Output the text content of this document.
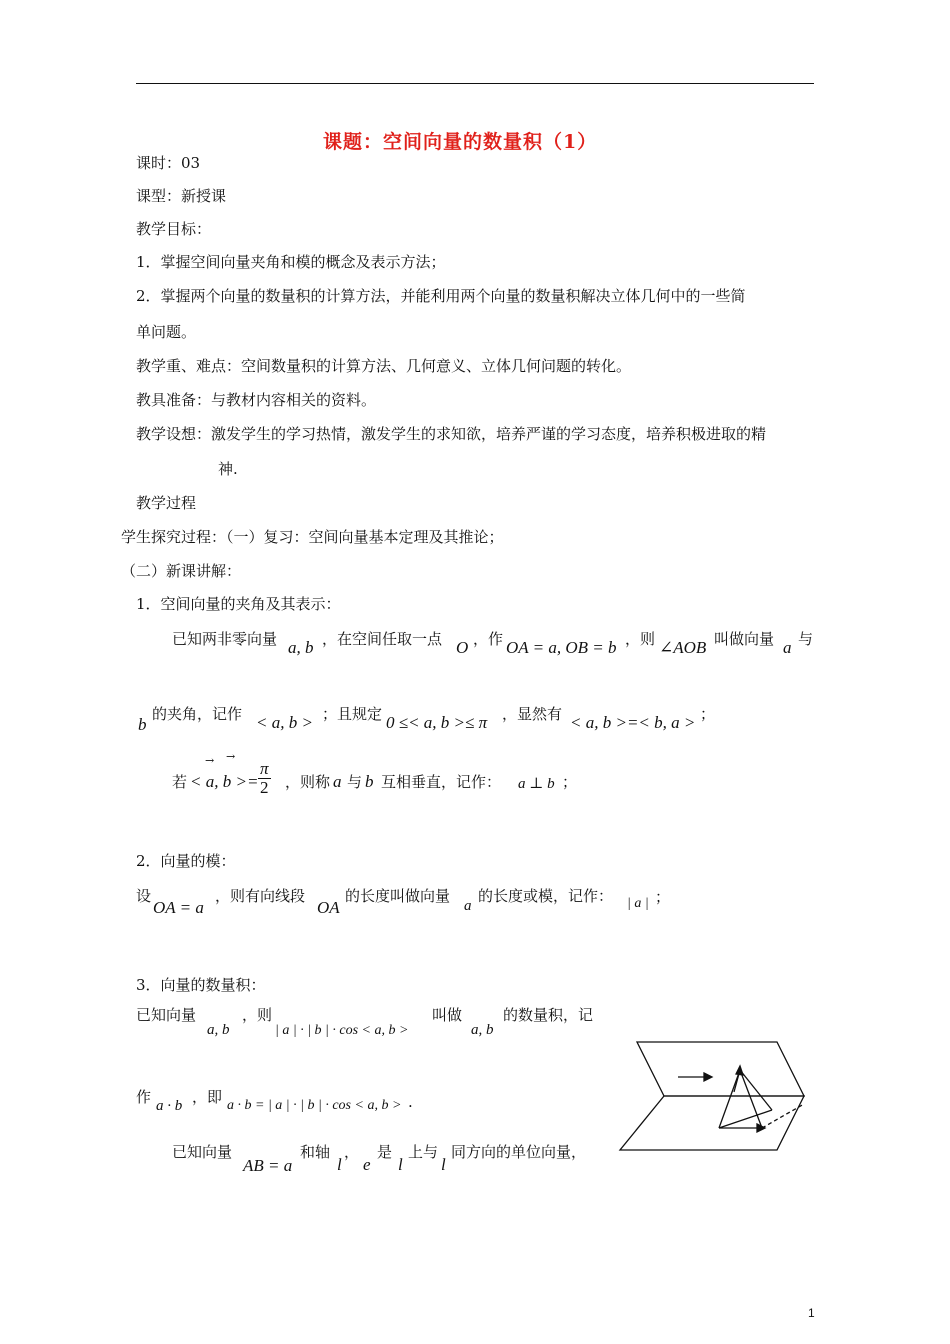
课题：空间向量的数量积（1）
课时：03
课型：新授课
教学目标：
1．掌握空间向量夹角和模的概念及表示方法；
2．掌握两个向量的数量积的计算方法，并能利用两个向量的数量积解决立体几何中的一些简
单问题。
教学重、难点：空间数量积的计算方法、几何意义、立体几何问题的转化。
教具准备：与教材内容相关的资料。
教学设想：激发学生的学习热情，激发学生的求知欲，培养严谨的学习态度，培养积极进取的精
神.
教学过程
学生探究过程：（一）复习：空间向量基本定理及其推论；
（二）新课讲解：
1．空间向量的夹角及其表示：
已知两非零向量 a, b ，在空间任取一点 O ，作 OA = a, OB = b ，则 ∠AOB 叫做向量 a 与
b
的夹角，记作 < a, b > ；且规定 0 ≤< a, b >≤ π ，显然有 < a, b >=< b, a > ；
若 < a, b >=
→ →
$\frac{\pi}{2}$ ，则称 a 与 b 互相垂直，记作： a ⊥ b ；
2．向量的模：
设
OA = a
，则有向线段
OA
的长度叫做向量
a
的长度或模，记作： | a | ；
3．向量的数量积：
已知向量
a, b
，则
| a | · | b | · cos < a, b >
叫做
a, b
的数量积，记
作 a · b ，即 a · b = | a | · | b | · cos < a, b > .
已知向量
AB = a
和轴
l
，
e
是
l
上与
l
同方向的单位向量，
1
